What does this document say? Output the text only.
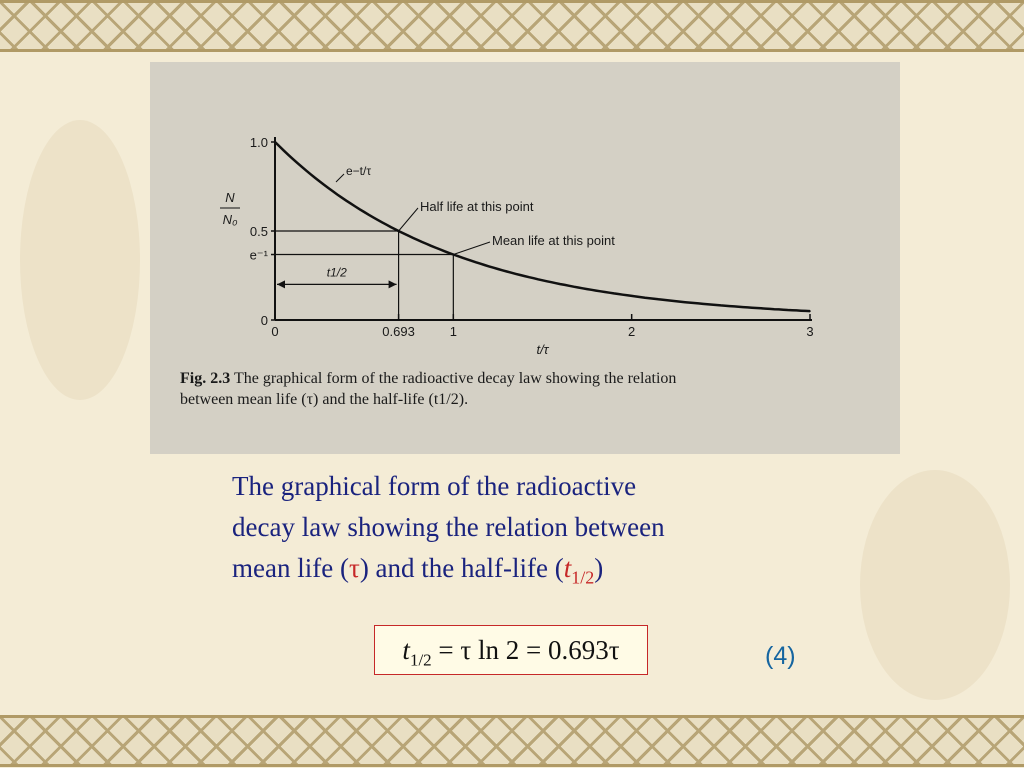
0	0.693	1	2	3
0
e⁻¹
0.5
1.0
N
N₀
t/τ
Half life at this point
Mean life at this point
t1/2
e−t/τ
Fig. 2.3 The graphical form of the radioactive decay law showing the relation
between mean life (τ) and the half-life (t1/2).
The graphical form of the radioactive
decay law showing the relation between
mean life (τ) and the half-life $(t_{1/2})$
$t_{1/2} = \tau$ ln 2 = 0.693τ	(4)
